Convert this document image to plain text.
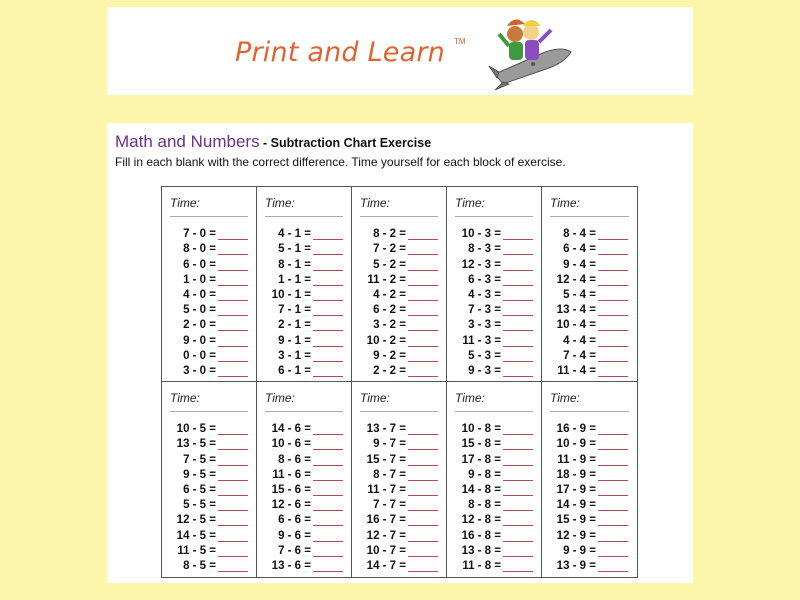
Print and Learn TM
Math and Numbers - Subtraction Chart Exercise
Fill in each blank with the correct difference. Time yourself for each block of exercise.
Time:
7 - 0 =
8 - 0 =
6 - 0 =
1 - 0 =
4 - 0 =
5 - 0 =
2 - 0 =
9 - 0 =
0 - 0 =
3 - 0 =
Time:
4 - 1 =
5 - 1 =
8 - 1 =
1 - 1 =
10 - 1 =
7 - 1 =
2 - 1 =
9 - 1 =
3 - 1 =
6 - 1 =
Time:
8 - 2 =
7 - 2 =
5 - 2 =
11 - 2 =
4 - 2 =
6 - 2 =
3 - 2 =
10 - 2 =
9 - 2 =
2 - 2 =
Time:
10 - 3 =
8 - 3 =
12 - 3 =
6 - 3 =
4 - 3 =
7 - 3 =
3 - 3 =
11 - 3 =
5 - 3 =
9 - 3 =
Time:
8 - 4 =
6 - 4 =
9 - 4 =
12 - 4 =
5 - 4 =
13 - 4 =
10 - 4 =
4 - 4 =
7 - 4 =
11 - 4 =
Time:
10 - 5 =
13 - 5 =
7 - 5 =
9 - 5 =
6 - 5 =
5 - 5 =
12 - 5 =
14 - 5 =
11 - 5 =
8 - 5 =
Time:
14 - 6 =
10 - 6 =
8 - 6 =
11 - 6 =
15 - 6 =
12 - 6 =
6 - 6 =
9 - 6 =
7 - 6 =
13 - 6 =
Time:
13 - 7 =
9 - 7 =
15 - 7 =
8 - 7 =
11 - 7 =
7 - 7 =
16 - 7 =
12 - 7 =
10 - 7 =
14 - 7 =
Time:
10 - 8 =
15 - 8 =
17 - 8 =
9 - 8 =
14 - 8 =
8 - 8 =
12 - 8 =
16 - 8 =
13 - 8 =
11 - 8 =
Time:
16 - 9 =
10 - 9 =
11 - 9 =
18 - 9 =
17 - 9 =
14 - 9 =
15 - 9 =
12 - 9 =
9 - 9 =
13 - 9 =
